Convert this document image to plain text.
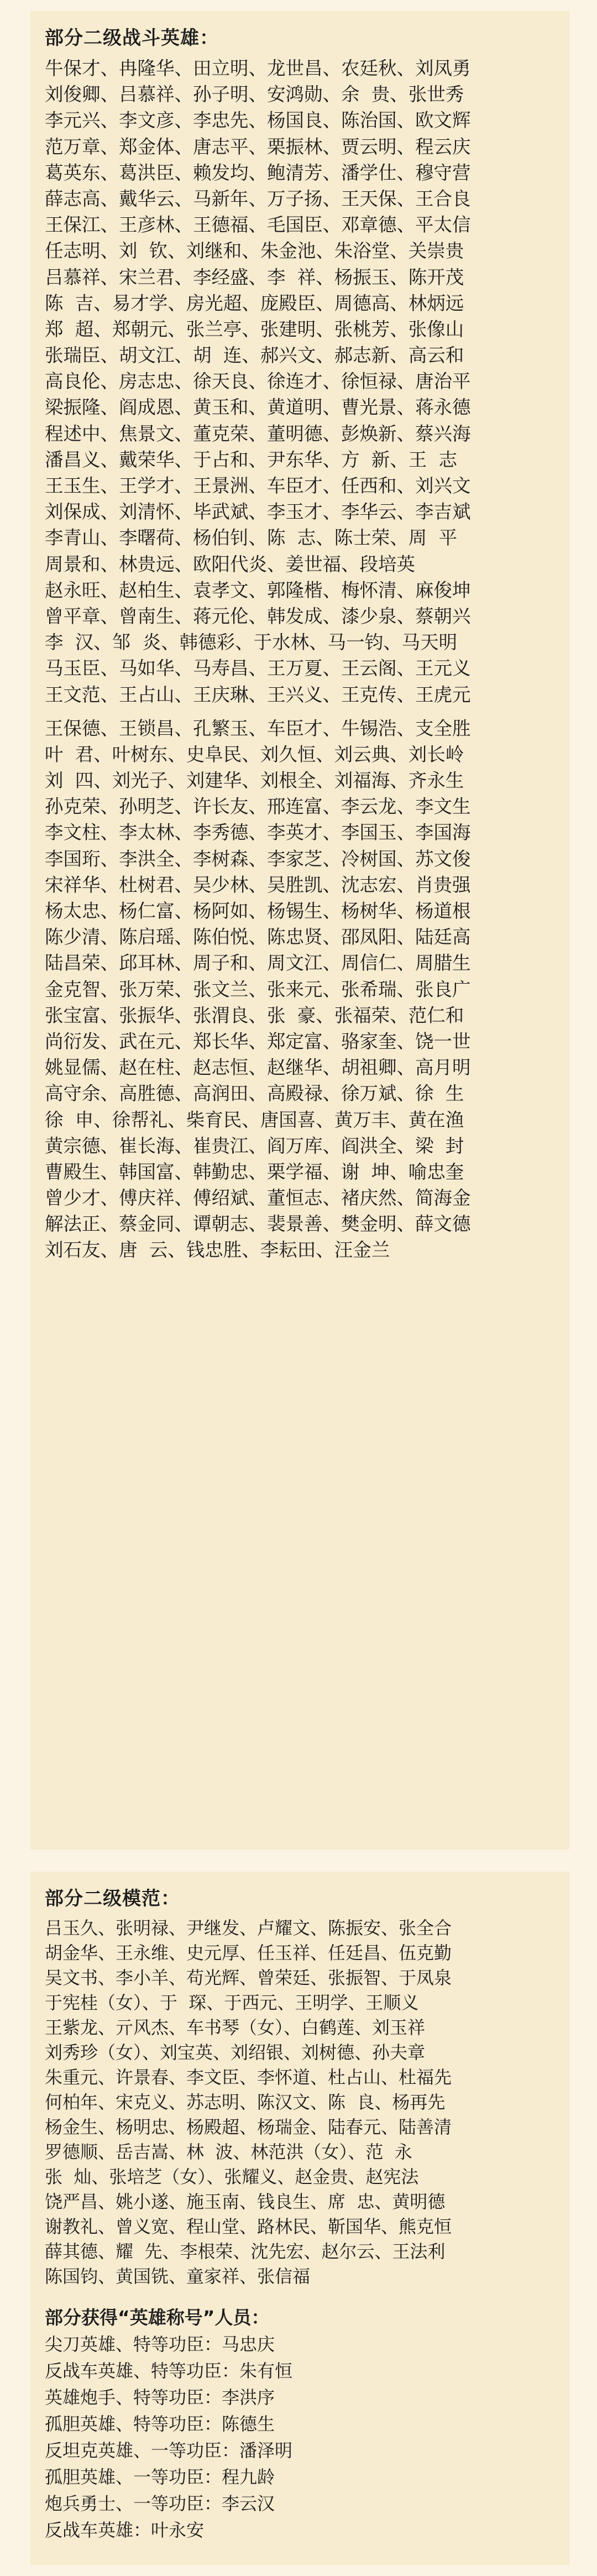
部分二级战斗英雄：
牛保才、冉隆华、田立明、龙世昌、农廷秋、刘凤勇
刘俊卿、吕慕祥、孙子明、安鸿勋、余  贵、张世秀
李元兴、李文彦、李忠先、杨国良、陈治国、欧文辉
范万章、郑金体、唐志平、栗振林、贾云明、程云庆
葛英东、葛洪臣、赖发均、鲍清芳、潘学仕、穆守营
薛志高、戴华云、马新年、万子扬、王天保、王合良
王保江、王彦林、王德福、毛国臣、邓章德、平太信
任志明、刘  钦、刘继和、朱金池、朱浴堂、关崇贵
吕慕祥、宋兰君、李经盛、李  祥、杨振玉、陈开茂
陈  吉、易才学、房光超、庞殿臣、周德高、林炳远
郑  超、郑朝元、张兰亭、张建明、张桃芳、张像山
张瑞臣、胡文江、胡  连、郝兴文、郝志新、高云和
高良伦、房志忠、徐天良、徐连才、徐恒禄、唐治平
梁振隆、阎成恩、黄玉和、黄道明、曹光景、蒋永德
程述中、焦景文、董克荣、董明德、彭焕新、蔡兴海
潘昌义、戴荣华、于占和、尹东华、方  新、王  志
王玉生、王学才、王景洲、车臣才、任西和、刘兴文
刘保成、刘清怀、毕武斌、李玉才、李华云、李吉斌
李青山、李曙荷、杨伯钊、陈  志、陈士荣、周  平
周景和、林贵远、欧阳代炎、姜世福、段培英
赵永旺、赵柏生、袁孝文、郭隆楷、梅怀清、麻俊坤
曾平章、曾南生、蒋元伦、韩发成、漆少泉、蔡朝兴
李  汉、邹  炎、韩德彩、于水林、马一钧、马天明
马玉臣、马如华、马寿昌、王万夏、王云阁、王元义
王文范、王占山、王庆琳、王兴义、王克传、王虎元
王保德、王锁昌、孔繁玉、车臣才、牛锡浩、支全胜
叶  君、叶树东、史阜民、刘久恒、刘云典、刘长岭
刘  四、刘光子、刘建华、刘根全、刘福海、齐永生
孙克荣、孙明芝、许长友、邢连富、李云龙、李文生
李文柱、李太林、李秀德、李英才、李国玉、李国海
李国珩、李洪全、李树森、李家芝、冷树国、苏文俊
宋祥华、杜树君、吴少林、吴胜凯、沈志宏、肖贵强
杨太忠、杨仁富、杨阿如、杨锡生、杨树华、杨道根
陈少清、陈启瑶、陈伯悦、陈忠贤、邵凤阳、陆廷高
陆昌荣、邱耳林、周子和、周文江、周信仁、周腊生
金克智、张万荣、张文兰、张来元、张希瑞、张良广
张宝富、张振华、张渭良、张  豪、张福荣、范仁和
尚衍发、武在元、郑长华、郑定富、骆家奎、饶一世
姚显儒、赵在柱、赵志恒、赵继华、胡祖卿、高月明
高守余、高胜德、高润田、高殿禄、徐万斌、徐  生
徐  申、徐帮礼、柴育民、唐国喜、黄万丰、黄在渔
黄宗德、崔长海、崔贵江、阎万库、阎洪全、梁  封
曹殿生、韩国富、韩勤忠、栗学福、谢  坤、喻忠奎
曾少才、傅庆祥、傅绍斌、董恒志、褚庆然、简海金
解法正、蔡金同、谭朝志、裴景善、樊金明、薛文德
刘石友、唐  云、钱忠胜、李耘田、汪金兰
部分二级模范：
吕玉久、张明禄、尹继发、卢耀文、陈振安、张全合
胡金华、王永维、史元厚、任玉祥、任廷昌、伍克勤
吴文书、李小羊、苟光辉、曾荣廷、张振智、于凤泉
于宪桂（女）、于  琛、于西元、王明学、王顺义
王紫龙、亓风杰、车书琴（女）、白鹤莲、刘玉祥
刘秀珍（女）、刘宝英、刘绍银、刘树德、孙夫章
朱重元、许景春、李文臣、李怀道、杜占山、杜福先
何柏年、宋克义、苏志明、陈汉文、陈  良、杨再先
杨金生、杨明忠、杨殿超、杨瑞金、陆春元、陆善清
罗德顺、岳吉嵩、林  波、林范洪（女）、范  永
张  灿、张培芝（女）、张耀义、赵金贵、赵宪法
饶严昌、姚小遂、施玉南、钱良生、席  忠、黄明德
谢教礼、曾义宽、程山堂、路林民、靳国华、熊克恒
薛其德、耀  先、李根荣、沈先宏、赵尔云、王法利
陈国钧、黄国铣、童家祥、张信福
部分获得“英雄称号”人员：
尖刀英雄、特等功臣：马忠庆
反战车英雄、特等功臣：朱有恒
英雄炮手、特等功臣：李洪序
孤胆英雄、特等功臣：陈德生
反坦克英雄、一等功臣：潘泽明
孤胆英雄、一等功臣：程九龄
炮兵勇士、一等功臣：李云汉
反战车英雄：叶永安
